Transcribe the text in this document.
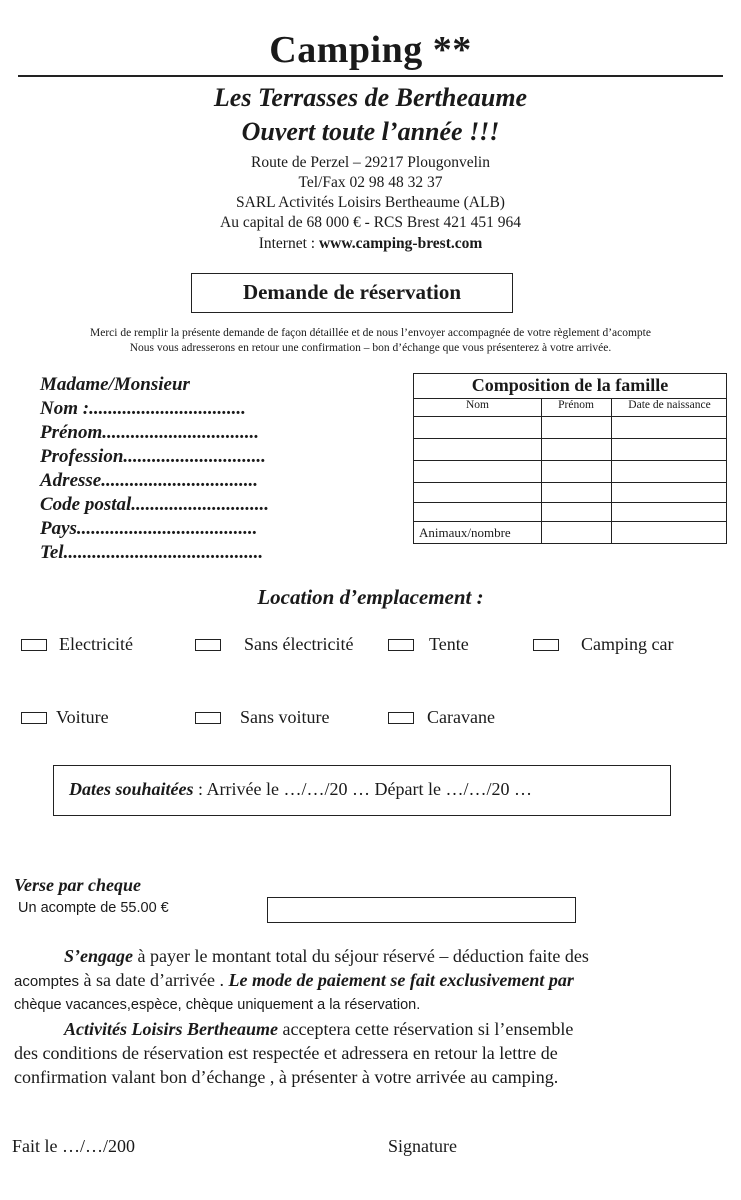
Camping **
Les Terrasses de Bertheaume
Ouvert toute l’année !!!
Route de Perzel – 29217 Plougonvelin
Tel/Fax 02 98 48 32 37
SARL Activités Loisirs Bertheaume (ALB)
Au capital de 68 000 € - RCS Brest 421 451 964
Internet : www.camping-brest.com
Demande de réservation
Merci de remplir la présente demande de façon détaillée et de nous l’envoyer accompagnée de votre règlement d’acompte
Nous vous adresserons en retour une confirmation – bon d’échange que vous présenterez à votre arrivée.
Madame/Monsieur
Nom :.................................
Prénom.................................
Profession..............................
Adresse.................................
Code postal.............................
Pays......................................
Tel..........................................
Composition de la famille
Nom	Prénom	Date de naissance
Animaux/nombre
Location d’emplacement :
Electricité	Sans électricité	Tente	Camping car
Voiture	Sans voiture	Caravane
Dates souhaitées : Arrivée le …/…/20 … Départ le …/…/20 …
Verse par cheque
Un acompte de 55.00 €
S’engage à payer le montant total du séjour réservé – déduction faite des
acomptes à sa date d’arrivée . Le mode de paiement se fait exclusivement par
chèque vacances,espèce, chèque uniquement a la réservation.
Activités Loisirs Bertheaume acceptera cette réservation si l’ensemble
des conditions de réservation est respectée et adressera en retour la lettre de
confirmation valant bon d’échange , à présenter à votre arrivée au camping.
Fait le …/…/200	Signature
